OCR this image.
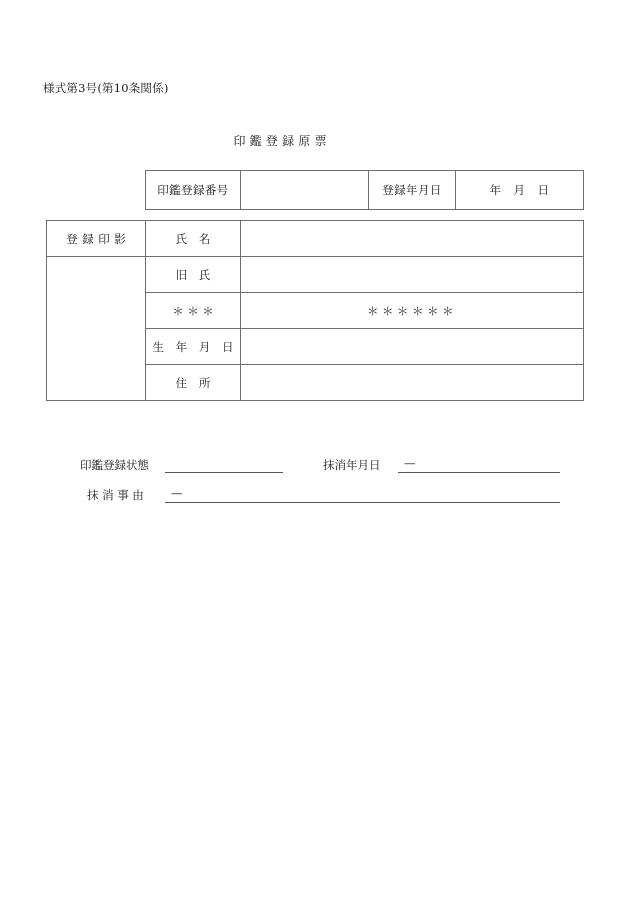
様式第3号(第10条関係)
印鑑登録原票
印鑑登録番号		登録年月日	年　月　日
登録印影	氏 名	
	旧 氏	
	＊＊＊	＊＊＊＊＊＊
	生 年 月 日	
	住 所	
印鑑登録状態	抹消年月日 —
抹消事由 —
